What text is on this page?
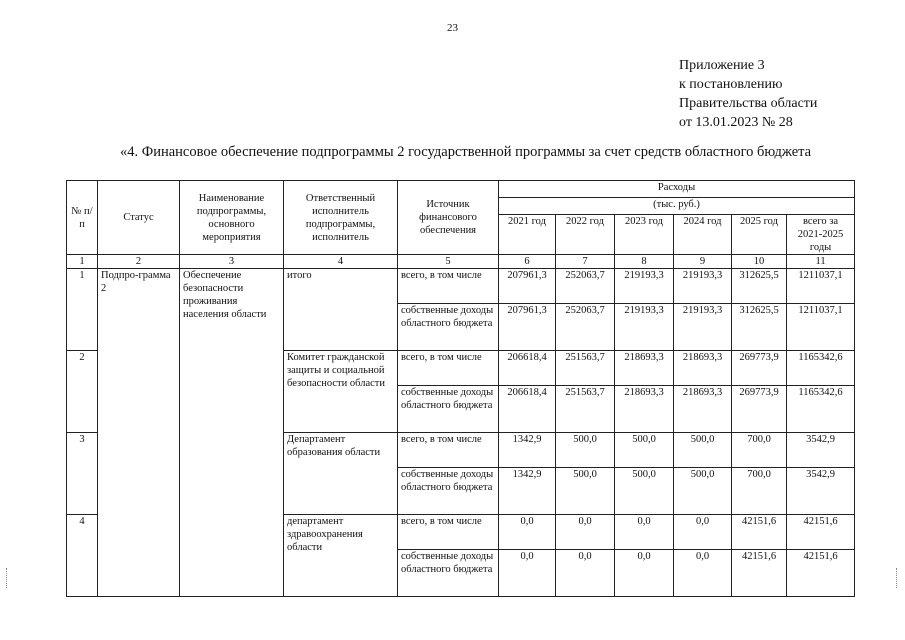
23
Приложение 3
к постановлению
Правительства области
от 13.01.2023 № 28
«4. Финансовое обеспечение подпрограммы 2 государственной программы за счет средств областного бюджета
№ п/п	Статус	Наименование подпрограммы, основного мероприятия	Ответственный исполнитель подпрограммы, исполнитель	Источник финансового обеспечения	Расходы					
					(тыс. руб.)					
					2021 год	2022 год	2023 год	2024 год	2025 год	всего за 2021-2025 годы
1	2	3	4	5	6	7	8	9	10	11
1	Подпро-грамма 2	Обеспечение безопасности проживания населения области	итого	всего, в том числе	207961,3	252063,7	219193,3	219193,3	312625,5	1211037,1
				собственные доходы областного бюджета	207961,3	252063,7	219193,3	219193,3	312625,5	1211037,1
2			Комитет гражданской защиты и социальной безопасности области	всего, в том числе	206618,4	251563,7	218693,3	218693,3	269773,9	1165342,6
				собственные доходы областного бюджета	206618,4	251563,7	218693,3	218693,3	269773,9	1165342,6
3			Департамент образования области	всего, в том числе	1342,9	500,0	500,0	500,0	700,0	3542,9
				собственные доходы областного бюджета	1342,9	500,0	500,0	500,0	700,0	3542,9
4			департамент здравоохранения области	всего, в том числе	0,0	0,0	0,0	0,0	42151,6	42151,6
				собственные доходы областного бюджета	0,0	0,0	0,0	0,0	42151,6	42151,6
